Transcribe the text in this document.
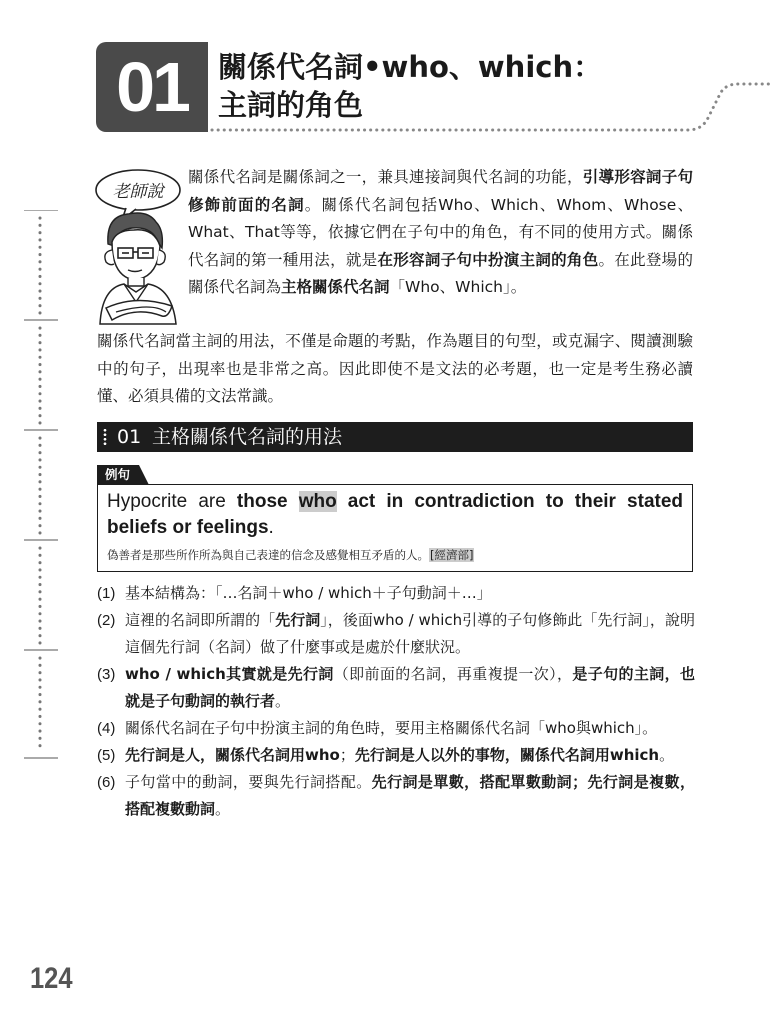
01	關係代名詞•who、which：
主詞的角色
老師說
關係代名詞是關係詞之一，兼具連接詞與代名詞的功能，引導形容詞子句修飾前面的名詞。關係代名詞包括Who、Which、Whom、Whose、What、That等等，依據它們在子句中的角色，有不同的使用方式。關係代名詞的第一種用法，就是在形容詞子句中扮演主詞的角色。在此登場的關係代名詞為主格關係代名詞「Who、Which」。
關係代名詞當主詞的用法，不僅是命題的考點，作為題目的句型，或克漏字、閱讀測驗中的句子，出現率也是非常之高。因此即使不是文法的必考題，也一定是考生務必讀懂、必須具備的文法常識。
01 主格關係代名詞的用法
例句
Hypocrite are those who act in contradiction to their stated beliefs or feelings.
偽善者是那些所作所為與自己表達的信念及感覺相互矛盾的人。[經濟部]
(1) 基本結構為：「…名詞＋who / which＋子句動詞＋…」
(2) 這裡的名詞即所謂的「先行詞」，後面who / which引導的子句修飾此「先行詞」，說明這個先行詞（名詞）做了什麼事或是處於什麼狀況。
(3) who / which其實就是先行詞（即前面的名詞，再重複提一次），是子句的主詞，也就是子句動詞的執行者。
(4) 關係代名詞在子句中扮演主詞的角色時，要用主格關係代名詞「who與which」。
(5) 先行詞是人，關係代名詞用who；先行詞是人以外的事物，關係代名詞用which。
(6) 子句當中的動詞，要與先行詞搭配。先行詞是單數，搭配單數動詞；先行詞是複數，搭配複數動詞。
124
